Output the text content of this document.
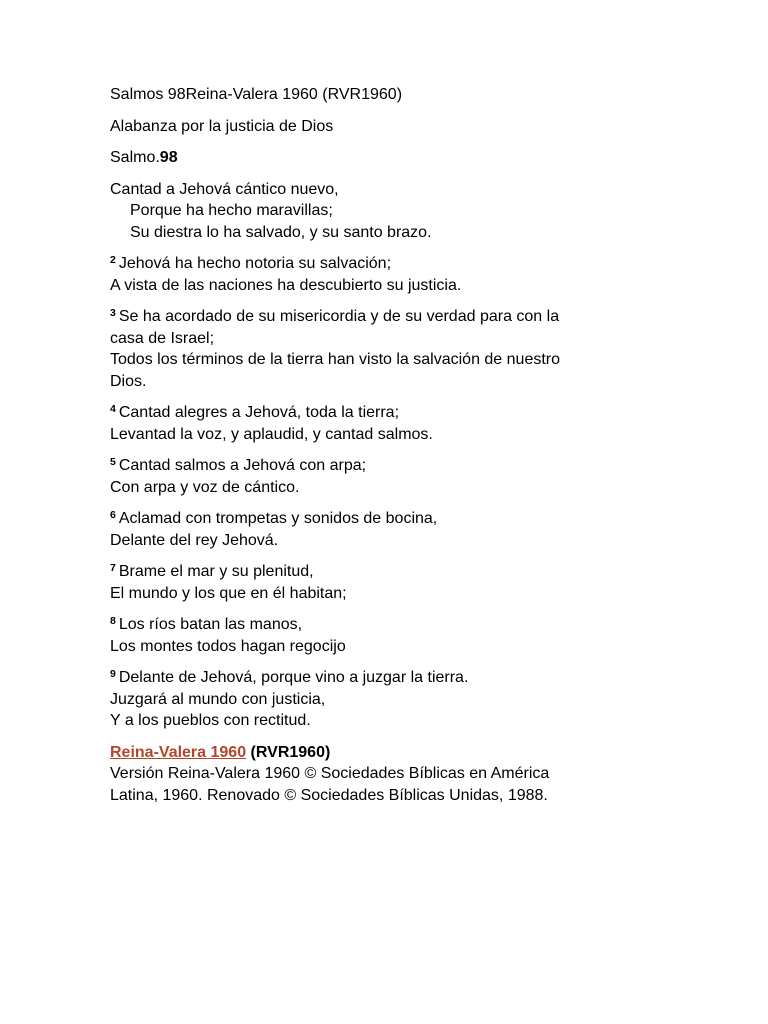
Salmos 98Reina-Valera 1960 (RVR1960)

Alabanza por la justicia de Dios

Salmo.98

Cantad a Jehová cántico nuevo,
Porque ha hecho maravillas;
Su diestra lo ha salvado, y su santo brazo.

$^2$ Jehová ha hecho notoria su salvación;
A vista de las naciones ha descubierto su justicia.

$^3$ Se ha acordado de su misericordia y de su verdad para con la
casa de Israel;
Todos los términos de la tierra han visto la salvación de nuestro
Dios.

$^4$ Cantad alegres a Jehová, toda la tierra;
Levantad la voz, y aplaudid, y cantad salmos.

$^5$ Cantad salmos a Jehová con arpa;
Con arpa y voz de cántico.

$^6$ Aclamad con trompetas y sonidos de bocina,
Delante del rey Jehová.

$^7$ Brame el mar y su plenitud,
El mundo y los que en él habitan;

$^8$ Los ríos batan las manos,
Los montes todos hagan regocijo

$^9$ Delante de Jehová, porque vino a juzgar la tierra.
Juzgará al mundo con justicia,
Y a los pueblos con rectitud.

Reina-Valera 1960 (RVR1960)
Versión Reina-Valera 1960 © Sociedades Bíblicas en América
Latina, 1960. Renovado © Sociedades Bíblicas Unidas, 1988.
